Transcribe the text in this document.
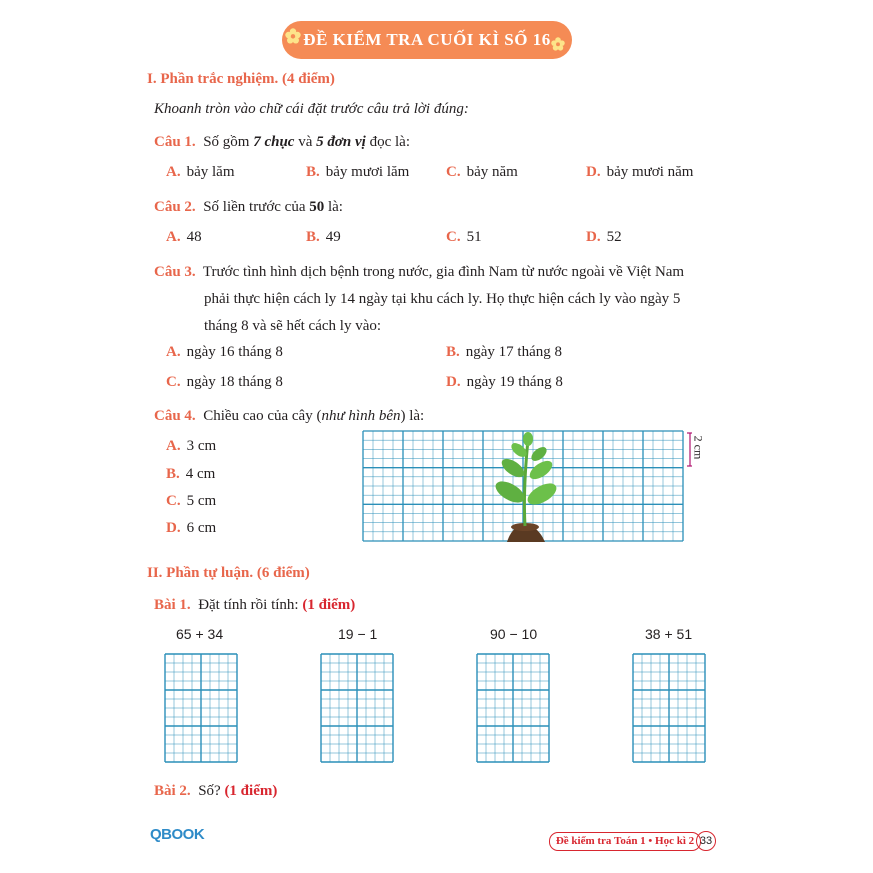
ĐỀ KIỂM TRA CUỐI KÌ SỐ 16
I. Phần trắc nghiệm. (4 điểm)
Khoanh tròn vào chữ cái đặt trước câu trả lời đúng:
Câu 1. Số gồm 7 chục và 5 đơn vị đọc là:
A. bảy lăm	B. bảy mươi lăm C. bảy năm	D. bảy mươi năm
Câu 2. Số liền trước của 50 là:
A. 48	B. 49	C. 51	D. 52
Câu 3. Trước tình hình dịch bệnh trong nước, gia đình Nam từ nước ngoài về Việt Nam
phải thực hiện cách ly 14 ngày tại khu cách ly. Họ thực hiện cách ly vào ngày 5
tháng 8 và sẽ hết cách ly vào:
A. ngày 16 tháng 8	B. ngày 17 tháng 8
C. ngày 18 tháng 8	D. ngày 19 tháng 8
Câu 4. Chiều cao của cây (như hình bên) là:
A. 3 cm
B. 4 cm
C. 5 cm
D. 6 cm
2 cm
II. Phần tự luận. (6 điểm)
Bài 1. Đặt tính rồi tính: (1 điểm)
65 + 34	19 − 1	90 − 10	38 + 51
Bài 2. Số? (1 điểm)
QBOOK	Đề kiểm tra Toán 1 • Học kì 2 33
